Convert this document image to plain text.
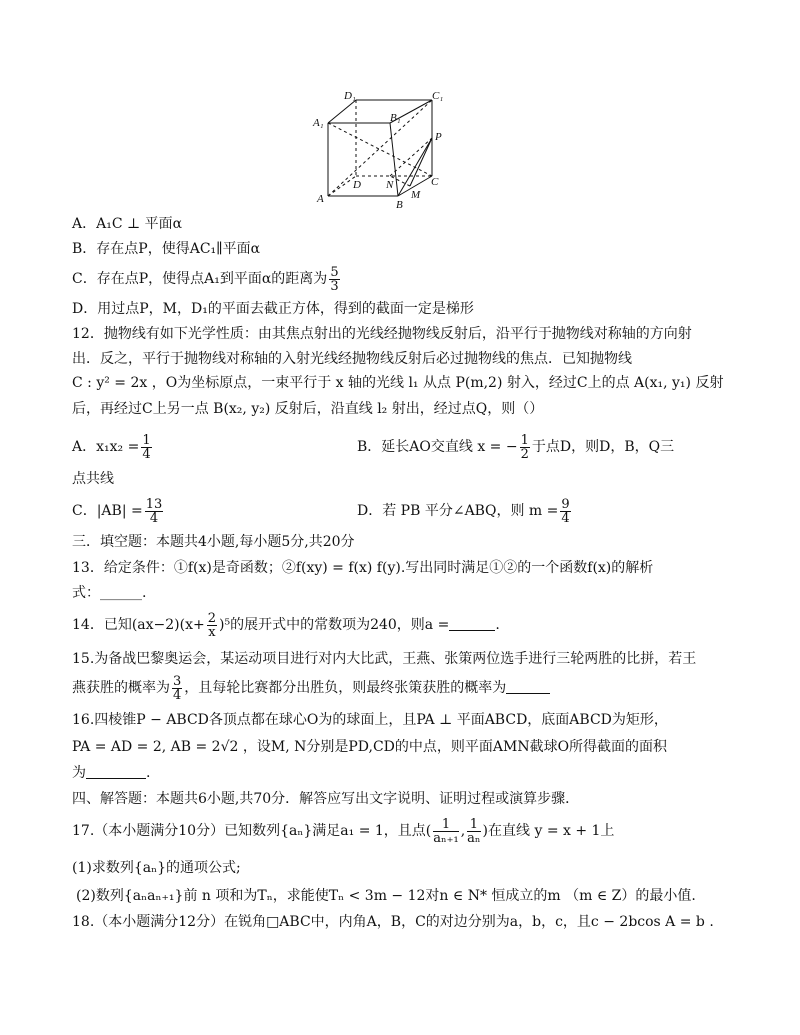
D₁	C₁
A₁	B₁
P
C
D N
M
A	B
A．A₁C ⊥ 平面α
B．存在点P，使得AC₁∥平面α
C．存在点P，使得点A₁到平面α的距离为 $\frac{5}{3}$
D．用过点P，M，D₁的平面去截正方体，得到的截面一定是梯形
12．抛物线有如下光学性质：由其焦点射出的光线经抛物线反射后，沿平行于抛物线对称轴的方向射
出．反之，平行于抛物线对称轴的入射光线经抛物线反射后必过抛物线的焦点．已知抛物线
C : y² = 2x ，O为坐标原点，一束平行于 x 轴的光线 l₁ 从点 P(m,2) 射入，经过C上的点 A(x₁, y₁) 反射
后，再经过C上另一点 B(x₂, y₂) 反射后，沿直线 l₂ 射出，经过点Q，则（）
A．$x_1x_2 = \frac{1}{4}$	B．延长AO交直线 x = − $\frac{1}{2}$ 于点D，则D，B，Q三
点共线
C．$|AB| = \frac{13}{4}$	D．若 PB 平分∠ABQ，则 $m = \frac{9}{4}$
三．填空题：本题共4小题,每小题5分,共20分
13．给定条件：①f(x)是奇函数；②f(xy) = f(x) f(y).写出同时满足①②的一个函数f(x)的解析
式：______.
14．已知$(ax-2)(x+ \frac{2}{x} )^5$的展开式中的常数项为240，则a =	.
15.为备战巴黎奥运会，某运动项目进行对内大比武，王燕、张策两位选手进行三轮两胜的比拼，若王
燕获胜的概率为 $\frac{3}{4}$ ，且每轮比赛都分出胜负，则最终张策获胜的概率为
16.四棱锥P − ABCD各顶点都在球心O为的球面上，且PA ⊥ 平面ABCD，底面ABCD为矩形，
PA = AD = 2, AB = 2√2 ，设M, N分别是PD,CD的中点，则平面AMN截球O所得截面的面积
为	.
四、解答题：本题共6小题,共70分．解答应写出文字说明、证明过程或演算步骤．
17.（本小题满分10分）已知数列{aₙ}满足a₁ = 1，且点( $\frac{1}{\text{aₙ₊₁}}$ , $\frac{1}{\text{aₙ}}$ )在直线 y = x + 1上
(1)求数列{aₙ}的通项公式;
(2)数列{aₙaₙ₊₁}前 n 项和为Tₙ，求能使Tₙ < 3m − 12对n ∈ N* 恒成立的m （m ∈ Z）的最小值.
18.（本小题满分12分）在锐角□ABC中，内角A，B，C的对边分别为a，b，c，且c − 2bcos A = b .
